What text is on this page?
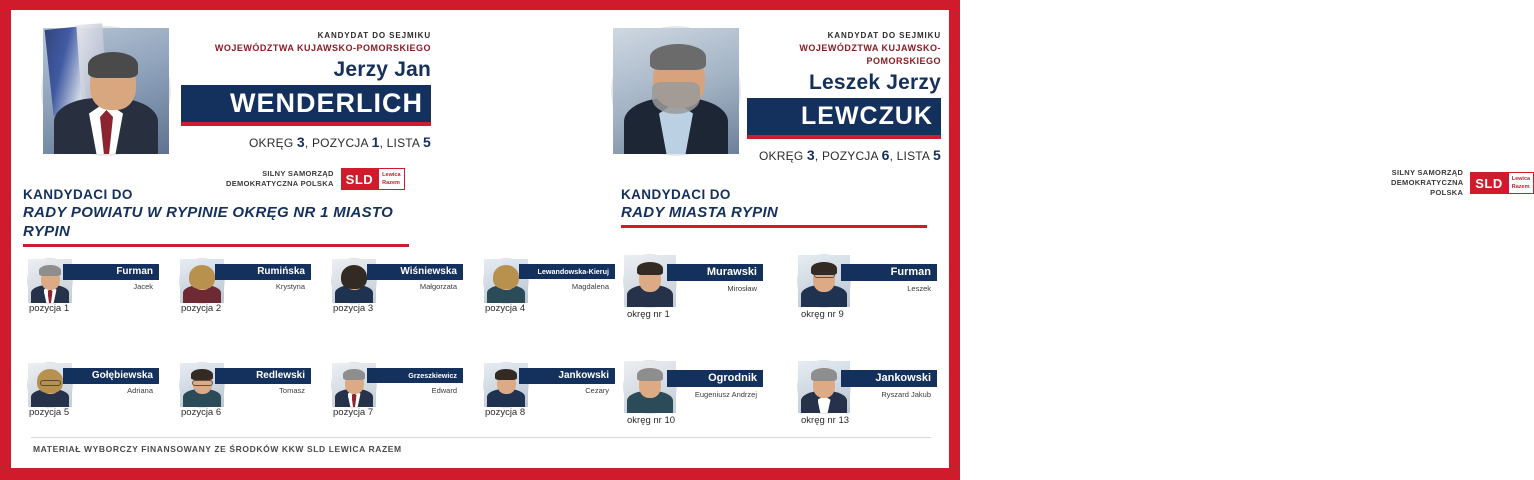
KANDYDAT DO SEJMIKU
WOJEWÓDZTWA KUJAWSKO-POMORSKIEGO
Jerzy Jan
WENDERLICH
OKRĘG 3, POZYCJA 1, LISTA 5
SILNY SAMORZĄD
DEMOKRATYCZNA POLSKA SLD	Lewica
Razem
KANDYDAT DO SEJMIKU
WOJEWÓDZTWA KUJAWSKO-POMORSKIEGO
Leszek Jerzy
LEWCZUK
OKRĘG 3, POZYCJA 6, LISTA 5
SILNY SAMORZĄD
DEMOKRATYCZNA POLSKA
SLD	Lewica
Razem
KANDYDACI DO
RADY POWIATU W RYPINIE OKRĘG NR 1 MIASTO RYPIN
KANDYDACI DO
RADY MIASTA RYPIN
Furman
Jacek
pozycja 1
Rumińska
Krystyna
pozycja 2
Wiśniewska
Małgorzata
pozycja 3
Lewandowska-Kieruj
Magdalena
pozycja 4
Gołębiewska
Adriana
pozycja 5
Redlewski
Tomasz
pozycja 6
Grzeszkiewicz
Edward
pozycja 7
Jankowski
Cezary
pozycja 8
Murawski
Mirosław
okręg nr 1
Furman
Leszek
okręg nr 9
Ogrodnik
Eugeniusz Andrzej
okręg nr 10
Jankowski
Ryszard Jakub
okręg nr 13
MATERIAŁ WYBORCZY FINANSOWANY ZE ŚRODKÓW KKW SLD LEWICA RAZEM
